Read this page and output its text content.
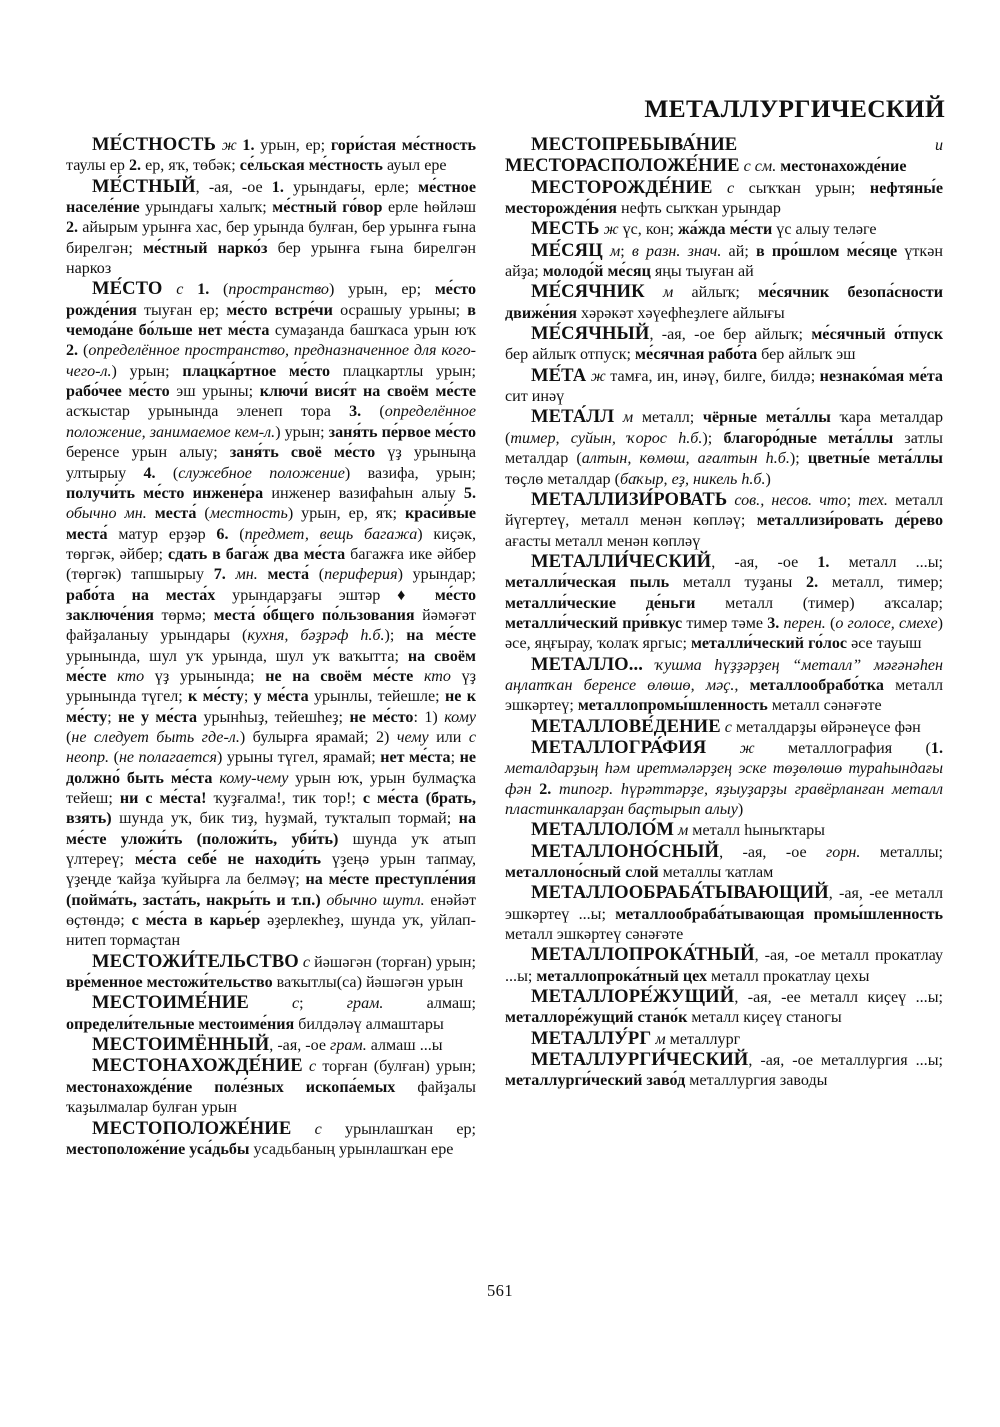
МЕТАЛЛУРГИЧЕСКИЙ

МЕ́СТНОСТЬ ж 1. урын, ер; гори́стая ме́стность таулы ер 2. ер, яҡ, төбәк; се́льская ме́стность ауыл ере

МЕ́СТНЫЙ, -ая, -ое 1. урындағы, ерле; ме́стное населе́ние урындағы халыҡ; ме́стный го́вор ерле һөйләш 2. айырым урынға хас, бер урында булған, бер урынға ғына бирелгән; ме́стный нарко́з бер урынға ғына бирелгән наркоз

МЕ́СТО с 1. (пространство) урын, ер; ме́сто рожде́ния тыуған ер; ме́сто встре́чи осрашыу урыны; в чемода́не бо́льше нет ме́ста сумаҙанда башҡаса урын юҡ 2. (определённое пространство, предназначенное для кого-чего-л.) урын; плацка́ртное ме́сто плацкартлы урын; рабо́чее ме́сто эш урыны; ключи́ вися́т на своём ме́сте асҡыстар урынында эленеп тора 3. (определённое положение, занимаемое кем-л.) урын; заня́ть пе́рвое ме́сто беренсе урын алыу; заня́ть своё ме́сто үҙ урыныңа ултырыу 4. (служебное положение) вазифа, урын; получи́ть ме́сто инжене́ра инженер вазифаһын алыу 5. обычно мн. места́ (местность) урын, ер, яҡ; краси́вые места́ матур ерҙәр 6. (предмет, вещь багажа) киҫәк, төргәк, әйбер; сдать в бага́ж два ме́ста багажға ике әйбер (төргәк) тапшырыу 7. мн. места́ (периферия) урындар; рабо́та на места́х урындарҙағы эштәр ♦ ме́сто заключе́ния төрмә; места́ о́бщего по́льзования йәмәғәт файҙаланыу урындары (кухня, бәҙрәф һ.б.); на ме́сте урынында, шул уҡ урында, шул уҡ ваҡытта; на своём ме́сте кто үҙ урынында; не на своём ме́сте кто үҙ урынында түгел; к ме́сту; у ме́ста урынлы, тейешле; не к ме́сту; не у ме́ста урынһыҙ, тейешһеҙ; не ме́сто: 1) кому (не следует быть где-л.) булырға ярамай; 2) чему или с неопр. (не полагается) урыны түгел, ярамай; нет ме́ста; не должно́ быть ме́ста кому-чему урын юҡ, урын булмаҫҡа тейеш; ни с ме́ста! ҡуҙғалма!, тик тор!; с ме́ста (брать, взять) шунда уҡ, бик тиҙ, һуҙмай, туҡталып тормай; на ме́сте уложи́ть (положи́ть, уби́ть) шунда уҡ атып үлтереү; ме́ста себе́ не находи́ть үҙеңә урын тапмау, үҙеңде ҡайҙа ҡуйырға ла белмәү; на ме́сте преступле́ния (пойма́ть, заста́ть, накры́ть и т.п.) обычно шутл. енәйәт өҫтөндә; с ме́ста в карье́р әҙерлекһеҙ, шунда уҡ, уйлап-нитеп тормаҫтан

МЕСТОЖИ́ТЕЛЬСТВО с йәшәгән (торған) урын; вре́менное местожи́тельство ваҡытлы(са) йәшәгән урын

МЕСТОИМЕ́НИЕ	с; грам. алмаш; определи́тельные местоиме́ния билдәләү алмаштары

МЕСТОИМЁННЫЙ, -ая, -ое грам. алмаш ...ы

МЕСТОНАХОЖДЕ́НИЕ с торған (булған) урын; местонахожде́ние поле́зных ископа́емых файҙалы ҡаҙылмалар булған урын

МЕСТОПОЛОЖЕ́НИЕ с урынлашҡан ер; местоположе́ние уса́дьбы усадьбаның урынлашҡан ере

МЕСТОПРЕБЫВА́НИЕ	и МЕСТОРАСПОЛОЖЕ́НИЕ с см. местонахожде́ние

МЕСТОРОЖДЕ́НИЕ с сыҡҡан урын; нефтяны́е месторожде́ния нефть сыҡҡан урындар

МЕСТЬ ж үс, кон; жа́жда ме́сти үс алыу теләге

МЕ́СЯЦ м; в разн. знач. ай; в про́шлом ме́сяце үткән айҙа; молодо́й ме́сяц яңы тыуған ай

МЕ́СЯЧНИК м айлыҡ; ме́сячник безопа́сности движе́ния хәрәкәт хәүефһеҙлеге айлығы

МЕ́СЯЧНЫЙ, -ая, -ое бер айлыҡ; ме́сячный о́тпуск бер айлыҡ отпуск; ме́сячная рабо́та бер айлыҡ эш

МЕ́ТА ж тамға, ин, инәү, билге, билдә; незнако́мая ме́та сит инәү

МЕТА́ЛЛ м металл; чёрные мета́ллы ҡара металдар (тимер, суйын, ҡорос һ.б.); благоро́дные мета́ллы затлы металдар (алтын, көмөш, ағалтын һ.б.); цветны́е мета́ллы төҫлө металдар (баҡыр, еҙ, никель һ.б.)

МЕТАЛЛИЗИ́РОВАТЬ сов., несов. что; тех. металл йүгертеү, металл менән көпләү; металлизи́ровать де́рево ағасты металл менән көпләү

МЕТАЛЛИ́ЧЕСКИЙ, -ая, -ое 1. металл ...ы; металли́ческая пыль металл туҙаны 2. металл, тимер; металли́ческие де́ньги металл (тимер) аҡсалар; металли́ческий при́вкус тимер тәме 3. перен. (о голосе, смехе) әсе, яңғырау, ҡолаҡ яргыс; металли́ческий го́лос әсе тауыш

МЕТАЛЛО... ҡушма һүҙҙәрҙең “металл” мәғәнәһен аңлатҡан беренсе өлөшө, мәҫ., металлообрабо́тка металл эшкәртеү; металлопромы́шленность металл сәнәғәте

МЕТАЛЛОВЕ́ДЕНИЕ с металдарҙы өйрәнеүсе фән

МЕТАЛЛОГРА́ФИЯ ж металлография (1. металдарҙың һәм иретмәләрҙең эске төҙөлөшө тураһындағы фән 2. типогр. һүрәттәрҙе, яҙыуҙарҙы гравёрланған металл пластинкаларҙан баҫтырып алыу)

МЕТАЛЛОЛО́М м металл һыныҡтары

МЕТАЛЛОНО́СНЫЙ, -ая, -ое горн. металлы; металлоно́сный слой металлы ҡатлам

МЕТАЛЛООБРАБА́ТЫВАЮЩИЙ, -ая, -ее металл эшкәртеү ...ы; металлообраба́тывающая промы́шленность металл эшкәртеү сәнәғәте

МЕТАЛЛОПРОКА́ТНЫЙ, -ая, -ое металл прокатлау ...ы; металлопрока́тный цех металл прокатлау цехы

МЕТАЛЛОРЕ́ЖУЩИЙ, -ая, -ее металл киҫеү ...ы; металлоре́жущий стано́к металл киҫеү станогы

МЕТАЛЛУ́РГ м металлург

МЕТАЛЛУРГИ́ЧЕСКИЙ, -ая, -ое металлургия ...ы; металлурги́ческий заво́д металлургия заводы

561
